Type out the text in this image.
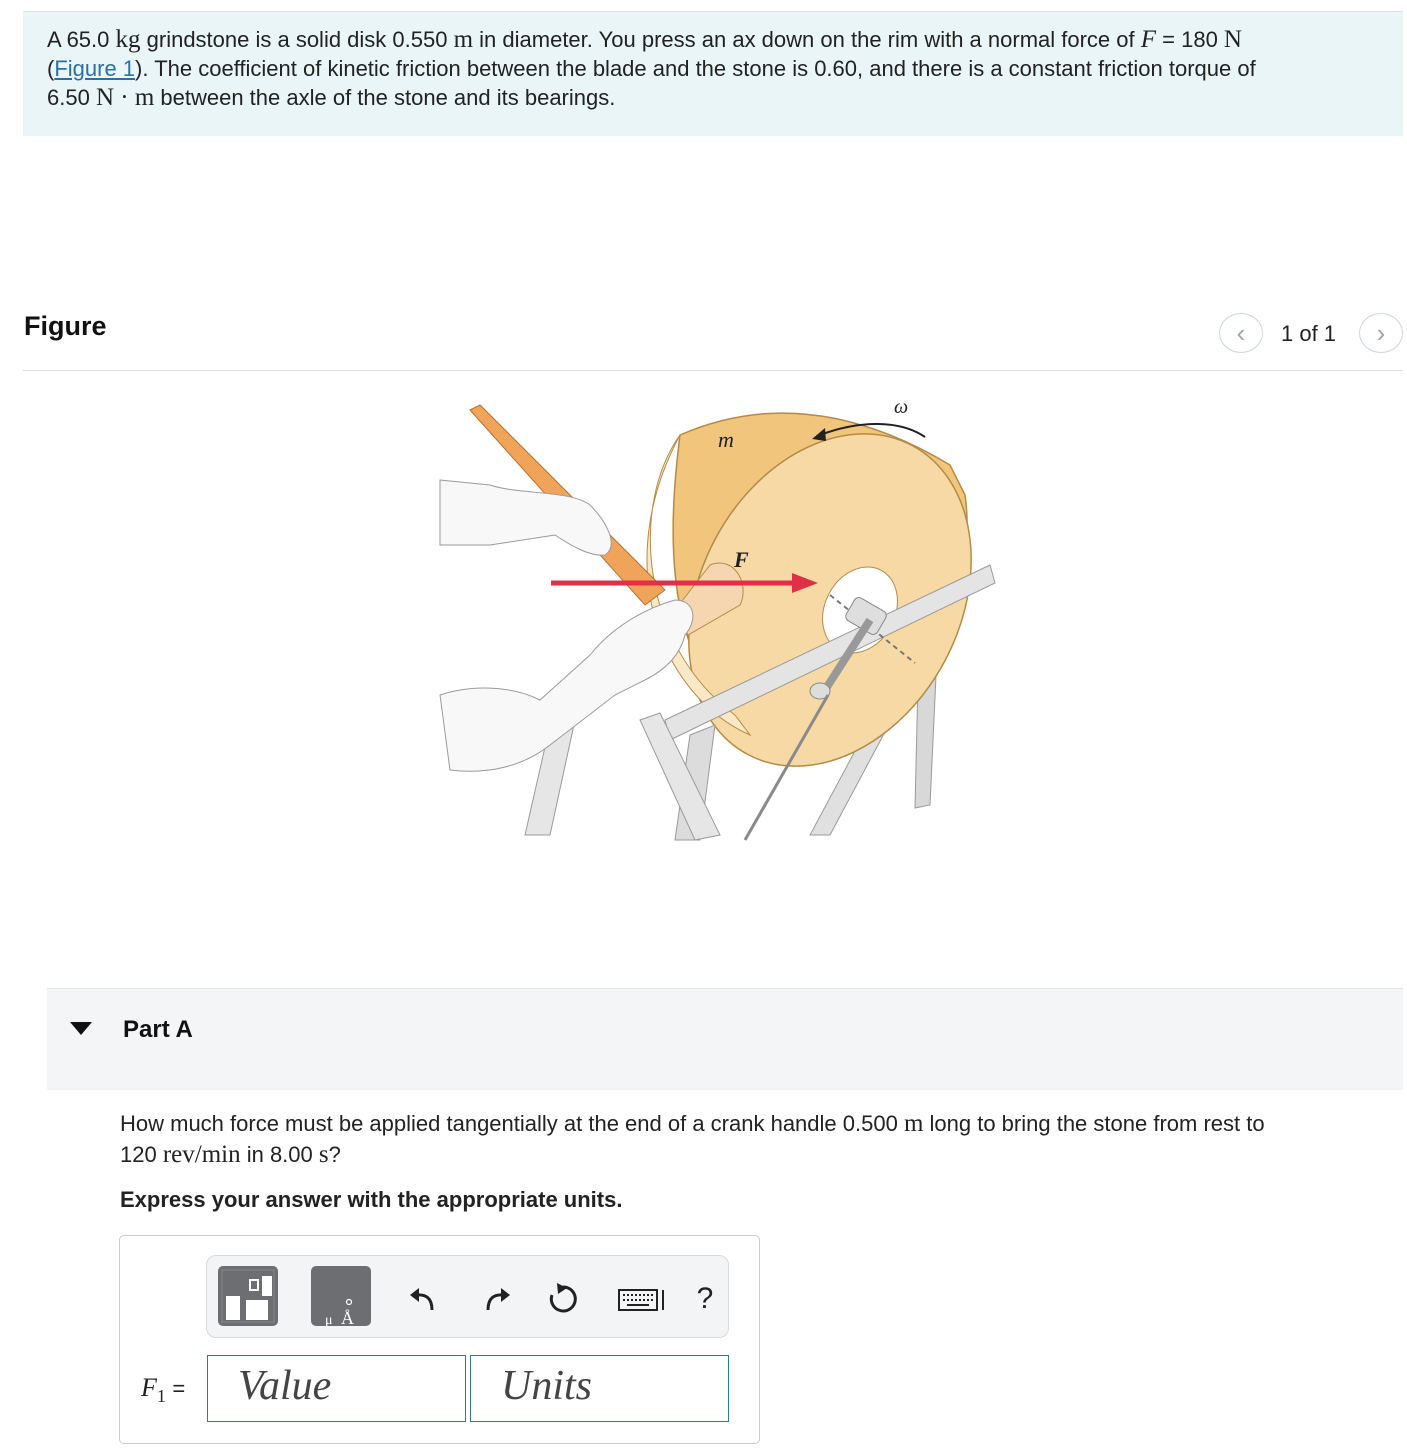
A 65.0 kg grindstone is a solid disk 0.550 m in diameter. You press an ax down on the rim with a normal force of F = 180 N
(Figure 1). The coefficient of kinetic friction between the blade and the stone is 0.60, and there is a constant friction torque of
6.50 N · m between the axle of the stone and its bearings.
Figure	‹ 1 of 1 ›
m
F
ω
Part A
How much force must be applied tangentially at the end of a crank handle 0.500 m long to bring the stone from rest to
120 rev/min in 8.00 s?
Express your answer with the appropriate units.
Å
μ
?
$F_1$ =	Value	Units
